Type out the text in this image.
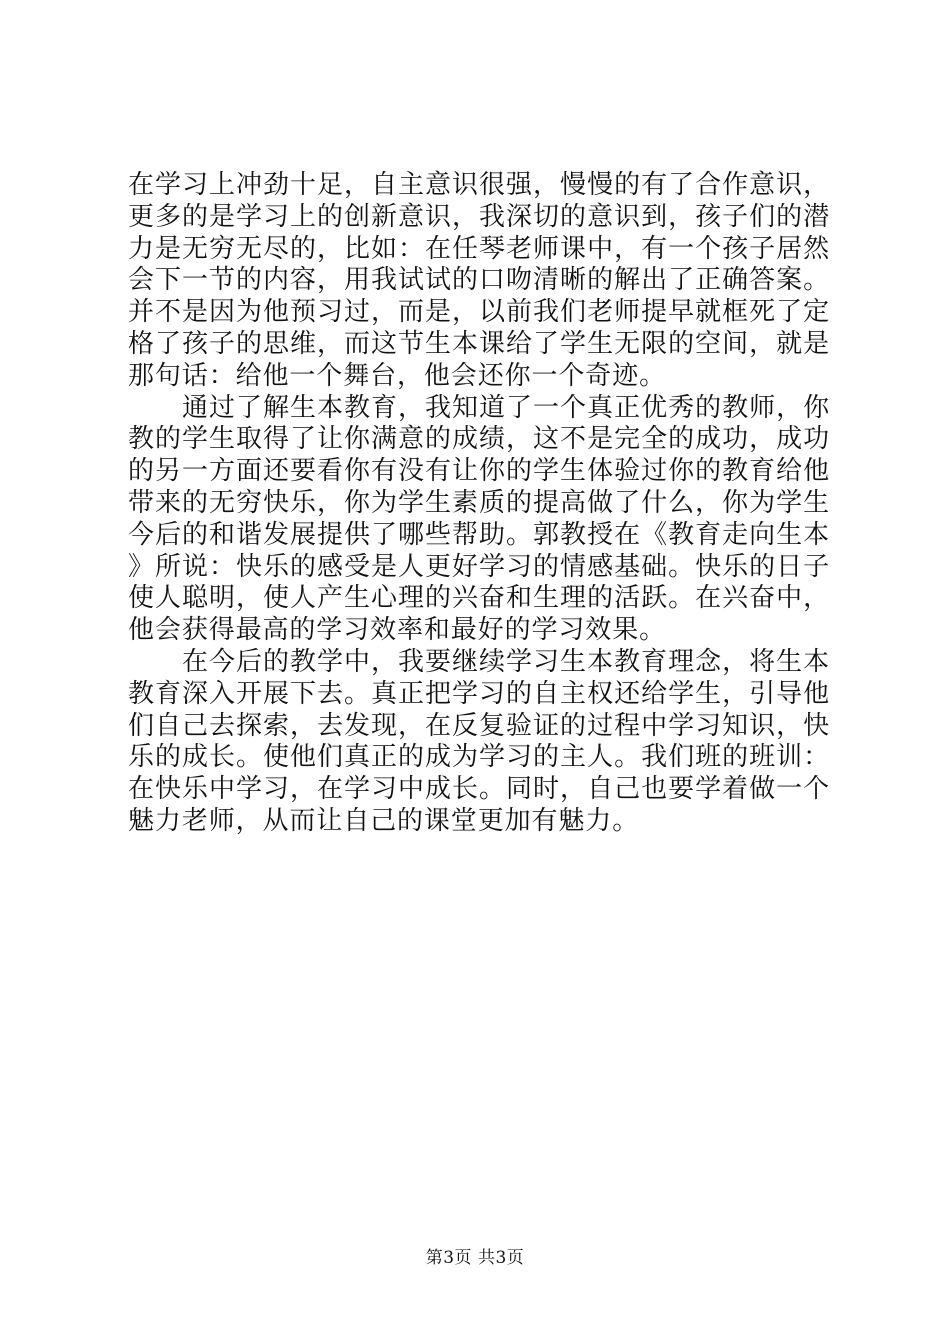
在学习上冲劲十足，自主意识很强，慢慢的有了合作意识，更多的是学习上的创新意识，我深切的意识到，孩子们的潜力是无穷无尽的，比如：在任琴老师课中，有一个孩子居然会下一节的内容，用我试试的口吻清晰的解出了正确答案。并不是因为他预习过，而是，以前我们老师提早就框死了定格了孩子的思维，而这节生本课给了学生无限的空间，就是那句话：给他一个舞台，他会还你一个奇迹。

通过了解生本教育，我知道了一个真正优秀的教师，你教的学生取得了让你满意的成绩，这不是完全的成功，成功的另一方面还要看你有没有让你的学生体验过你的教育给他带来的无穷快乐，你为学生素质的提高做了什么，你为学生今后的和谐发展提供了哪些帮助。郭教授在《教育走向生本》所说：快乐的感受是人更好学习的情感基础。快乐的日子使人聪明，使人产生心理的兴奋和生理的活跃。在兴奋中，他会获得最高的学习效率和最好的学习效果。

在今后的教学中，我要继续学习生本教育理念，将生本教育深入开展下去。真正把学习的自主权还给学生，引导他们自己去探索，去发现，在反复验证的过程中学习知识，快乐的成长。使他们真正的成为学习的主人。我们班的班训：在快乐中学习，在学习中成长。同时，自己也要学着做一个魅力老师，从而让自己的课堂更加有魅力。

第3页 共3页
